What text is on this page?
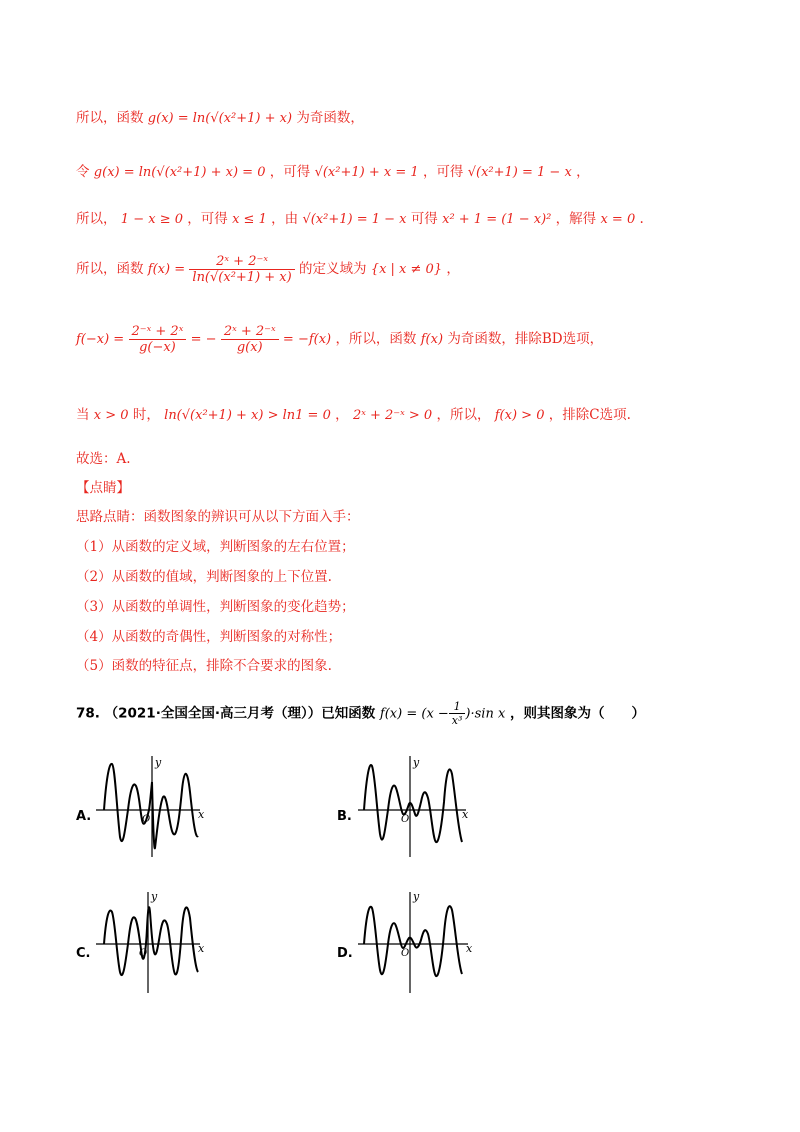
所以，函数 g(x) = ln(√(x²+1) + x) 为奇函数，
令 g(x) = ln(√(x²+1) + x) = 0 ，可得 √(x²+1) + x = 1 ，可得 √(x²+1) = 1 − x ，
所以， 1 − x ≥ 0 ，可得 x ≤ 1 ，由 √(x²+1) = 1 − x 可得 x² + 1 = (1 − x)² ，解得 x = 0 .
所以，函数 $f(x) = \frac{\text{2ˣ + 2⁻ˣ}}{\text{ln(√(x²+1) + x)}}$ 的定义域为 {x | x ≠ 0} ，
$f(-x) = \frac{\text{2⁻ˣ + 2ˣ}}{g(-x)}$ = − $\frac{\text{2ˣ + 2⁻ˣ}}{g(x)} = -f(x)$ ，所以，函数 f(x) 为奇函数，排除BD选项，
当 x > 0 时， ln(√(x²+1) + x) > ln1 = 0 ， 2ˣ + 2⁻ˣ > 0 ，所以， f(x) > 0 ，排除C选项.
故选：A.
【点睛】
思路点睛：函数图象的辨识可从以下方面入手：
（1）从函数的定义域，判断图象的左右位置；
（2）从函数的值域，判断图象的上下位置.
（3）从函数的单调性，判断图象的变化趋势；
（4）从函数的奇偶性，判断图象的对称性；
（5）函数的特征点，排除不合要求的图象.
78. （2021·全国全国·高三月考（理））已知函数 $f(x) = (x - \frac{1}{\text{x³}} )\cdot\sin$ x ，则其图象为（　　）
A.	B.
C.	D.
y
x
O
y
x
O
y
x
O
y
x
O
